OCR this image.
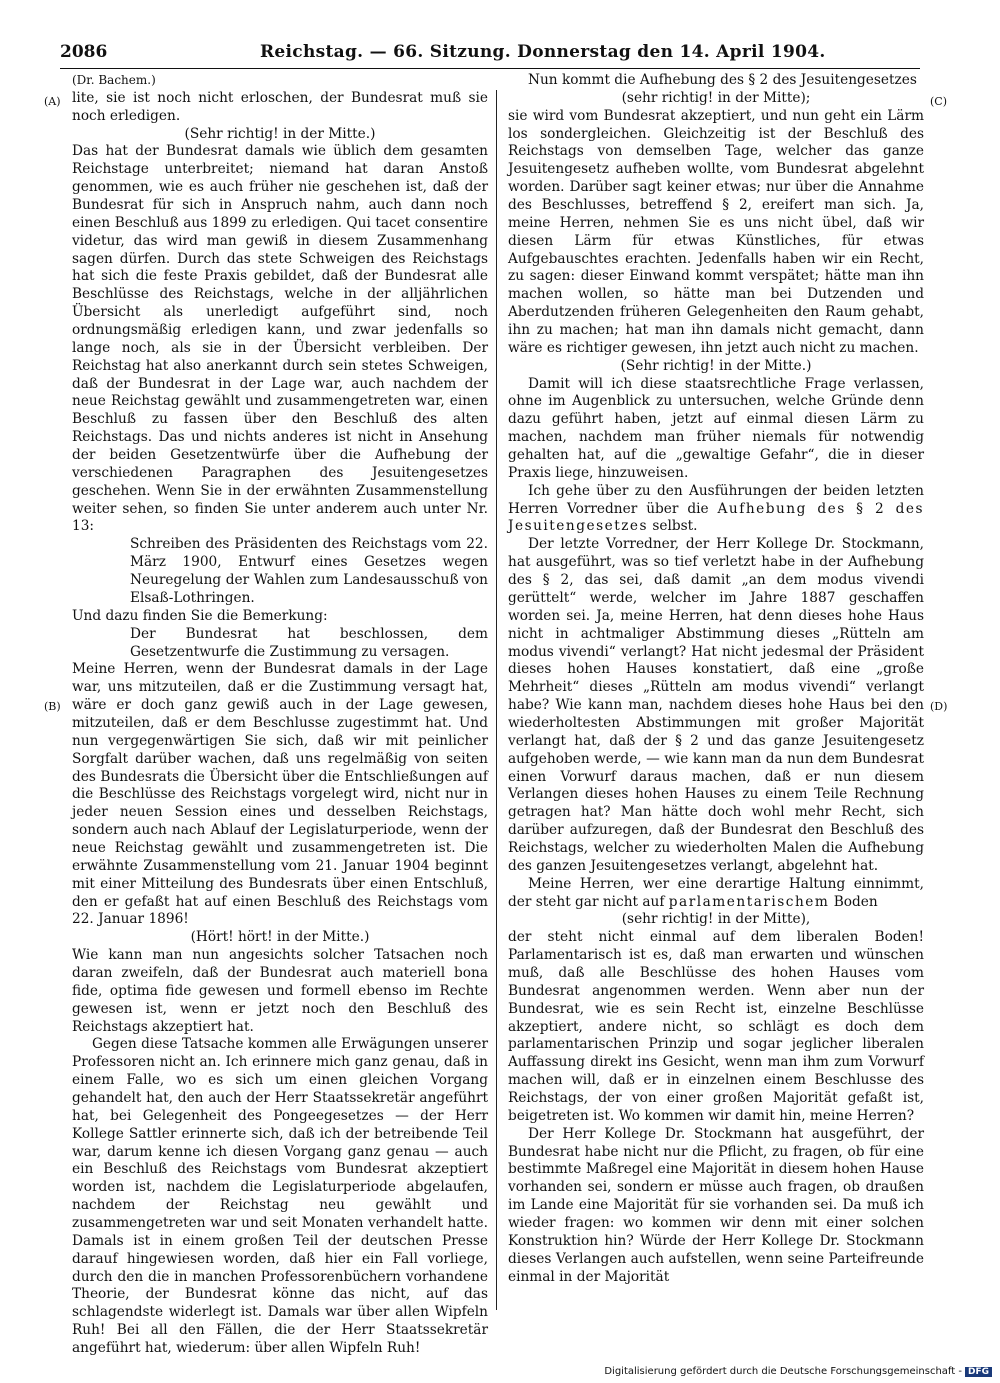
2086	Reichstag. — 66. Sitzung. Donnerstag den 14. April 1904.
(A)
(B)
(C)
(D)

(Dr. Bachem.)

lite, sie ist noch nicht erloschen, der Bundesrat muß sie noch erledigen.

(Sehr richtig! in der Mitte.)

Das hat der Bundesrat damals wie üblich dem gesamten Reichstage unterbreitet; niemand hat daran Anstoß genommen, wie es auch früher nie geschehen ist, daß der Bundesrat für sich in Anspruch nahm, auch dann noch einen Beschluß aus 1899 zu erledigen. Qui tacet consentire videtur, das wird man gewiß in diesem Zusammenhang sagen dürfen. Durch das stete Schweigen des Reichstags hat sich die feste Praxis gebildet, daß der Bundesrat alle Beschlüsse des Reichstags, welche in der alljährlichen Übersicht als unerledigt aufgeführt sind, noch ordnungsmäßig erledigen kann, und zwar jedenfalls so lange noch, als sie in der Übersicht verbleiben. Der Reichstag hat also anerkannt durch sein stetes Schweigen, daß der Bundesrat in der Lage war, auch nachdem der neue Reichstag gewählt und zusammengetreten war, einen Beschluß zu fassen über den Beschluß des alten Reichstags. Das und nichts anderes ist nicht in Ansehung der beiden Gesetzentwürfe über die Aufhebung der verschiedenen Paragraphen des Jesuitengesetzes geschehen. Wenn Sie in der erwähnten Zusammenstellung weiter sehen, so finden Sie unter anderem auch unter Nr. 13:

Schreiben des Präsidenten des Reichstags vom 22. März 1900, Entwurf eines Gesetzes wegen Neuregelung der Wahlen zum Landesausschuß von Elsaß-Lothringen.

Und dazu finden Sie die Bemerkung:

Der Bundesrat hat beschlossen, dem Gesetzentwurfe die Zustimmung zu versagen.

Meine Herren, wenn der Bundesrat damals in der Lage war, uns mitzuteilen, daß er die Zustimmung versagt hat, wäre er doch ganz gewiß auch in der Lage gewesen, mitzuteilen, daß er dem Beschlusse zugestimmt hat. Und nun vergegenwärtigen Sie sich, daß wir mit peinlicher Sorgfalt darüber wachen, daß uns regelmäßig von seiten des Bundesrats die Übersicht über die Entschließungen auf die Beschlüsse des Reichstags vorgelegt wird, nicht nur in jeder neuen Session eines und desselben Reichstags, sondern auch nach Ablauf der Legislaturperiode, wenn der neue Reichstag gewählt und zusammengetreten ist. Die erwähnte Zusammenstellung vom 21. Januar 1904 beginnt mit einer Mitteilung des Bundesrats über einen Entschluß, den er gefaßt hat auf einen Beschluß des Reichstags vom 22. Januar 1896!

(Hört! hört! in der Mitte.)

Wie kann man nun angesichts solcher Tatsachen noch daran zweifeln, daß der Bundesrat auch materiell bona fide, optima fide gewesen und formell ebenso im Rechte gewesen ist, wenn er jetzt noch den Beschluß des Reichstags akzeptiert hat.

Gegen diese Tatsache kommen alle Erwägungen unserer Professoren nicht an. Ich erinnere mich ganz genau, daß in einem Falle, wo es sich um einen gleichen Vorgang gehandelt hat, den auch der Herr Staatssekretär angeführt hat, bei Gelegenheit des Pongeegesetzes — der Herr Kollege Sattler erinnerte sich, daß ich der betreibende Teil war, darum kenne ich diesen Vorgang ganz genau — auch ein Beschluß des Reichstags vom Bundesrat akzeptiert worden ist, nachdem die Legislaturperiode abgelaufen, nachdem der Reichstag neu gewählt und zusammengetreten war und seit Monaten verhandelt hatte. Damals ist in einem großen Teil der deutschen Presse darauf hingewiesen worden, daß hier ein Fall vorliege, durch den die in manchen Professorenbüchern vorhandene Theorie, der Bundesrat könne das nicht, auf das schlagendste widerlegt ist. Damals war über allen Wipfeln Ruh! Bei all den Fällen, die der Herr Staatssekretär angeführt hat, wiederum: über allen Wipfeln Ruh!

Nun kommt die Aufhebung des § 2 des Jesuitengesetzes

(sehr richtig! in der Mitte);

sie wird vom Bundesrat akzeptiert, und nun geht ein Lärm los sondergleichen. Gleichzeitig ist der Beschluß des Reichstags von demselben Tage, welcher das ganze Jesuitengesetz aufheben wollte, vom Bundesrat abgelehnt worden. Darüber sagt keiner etwas; nur über die Annahme des Beschlusses, betreffend § 2, ereifert man sich. Ja, meine Herren, nehmen Sie es uns nicht übel, daß wir diesen Lärm für etwas Künstliches, für etwas Aufgebauschtes erachten. Jedenfalls haben wir ein Recht, zu sagen: dieser Einwand kommt verspätet; hätte man ihn machen wollen, so hätte man bei Dutzenden und Aberdutzenden früheren Gelegenheiten den Raum gehabt, ihn zu machen; hat man ihn damals nicht gemacht, dann wäre es richtiger gewesen, ihn jetzt auch nicht zu machen.

(Sehr richtig! in der Mitte.)

Damit will ich diese staatsrechtliche Frage verlassen, ohne im Augenblick zu untersuchen, welche Gründe denn dazu geführt haben, jetzt auf einmal diesen Lärm zu machen, nachdem man früher niemals für notwendig gehalten hat, auf die „gewaltige Gefahr“, die in dieser Praxis liege, hinzuweisen.

Ich gehe über zu den Ausführungen der beiden letzten Herren Vorredner über die Aufhebung des § 2 des Jesuitengesetzes selbst.

Der letzte Vorredner, der Herr Kollege Dr. Stockmann, hat ausgeführt, was so tief verletzt habe in der Aufhebung des § 2, das sei, daß damit „an dem modus vivendi gerüttelt“ werde, welcher im Jahre 1887 geschaffen worden sei. Ja, meine Herren, hat denn dieses hohe Haus nicht in achtmaliger Abstimmung dieses „Rütteln am modus vivendi“ verlangt? Hat nicht jedesmal der Präsident dieses hohen Hauses konstatiert, daß eine „große Mehrheit“ dieses „Rütteln am modus vivendi“ verlangt habe? Wie kann man, nachdem dieses hohe Haus bei den wiederholtesten Abstimmungen mit großer Majorität verlangt hat, daß der § 2 und das ganze Jesuitengesetz aufgehoben werde, — wie kann man da nun dem Bundesrat einen Vorwurf daraus machen, daß er nun diesem Verlangen dieses hohen Hauses zu einem Teile Rechnung getragen hat? Man hätte doch wohl mehr Recht, sich darüber aufzuregen, daß der Bundesrat den Beschluß des Reichstags, welcher zu wiederholten Malen die Aufhebung des ganzen Jesuitengesetzes verlangt, abgelehnt hat.

Meine Herren, wer eine derartige Haltung einnimmt, der steht gar nicht auf parlamentarischem Boden

(sehr richtig! in der Mitte),

der steht nicht einmal auf dem liberalen Boden! Parlamentarisch ist es, daß man erwarten und wünschen muß, daß alle Beschlüsse des hohen Hauses vom Bundesrat angenommen werden. Wenn aber nun der Bundesrat, wie es sein Recht ist, einzelne Beschlüsse akzeptiert, andere nicht, so schlägt es doch dem parlamentarischen Prinzip und sogar jeglicher liberalen Auffassung direkt ins Gesicht, wenn man ihm zum Vorwurf machen will, daß er in einzelnen einem Beschlusse des Reichstags, der von einer großen Majorität gefaßt ist, beigetreten ist. Wo kommen wir damit hin, meine Herren?

Der Herr Kollege Dr. Stockmann hat ausgeführt, der Bundesrat habe nicht nur die Pflicht, zu fragen, ob für eine bestimmte Maßregel eine Majorität in diesem hohen Hause vorhanden sei, sondern er müsse auch fragen, ob draußen im Lande eine Majorität für sie vorhanden sei. Da muß ich wieder fragen: wo kommen wir denn mit einer solchen Konstruktion hin? Würde der Herr Kollege Dr. Stockmann dieses Verlangen auch aufstellen, wenn seine Parteifreunde einmal in der Majorität

Digitalisierung gefördert durch die Deutsche Forschungsgemeinschaft - DFG
